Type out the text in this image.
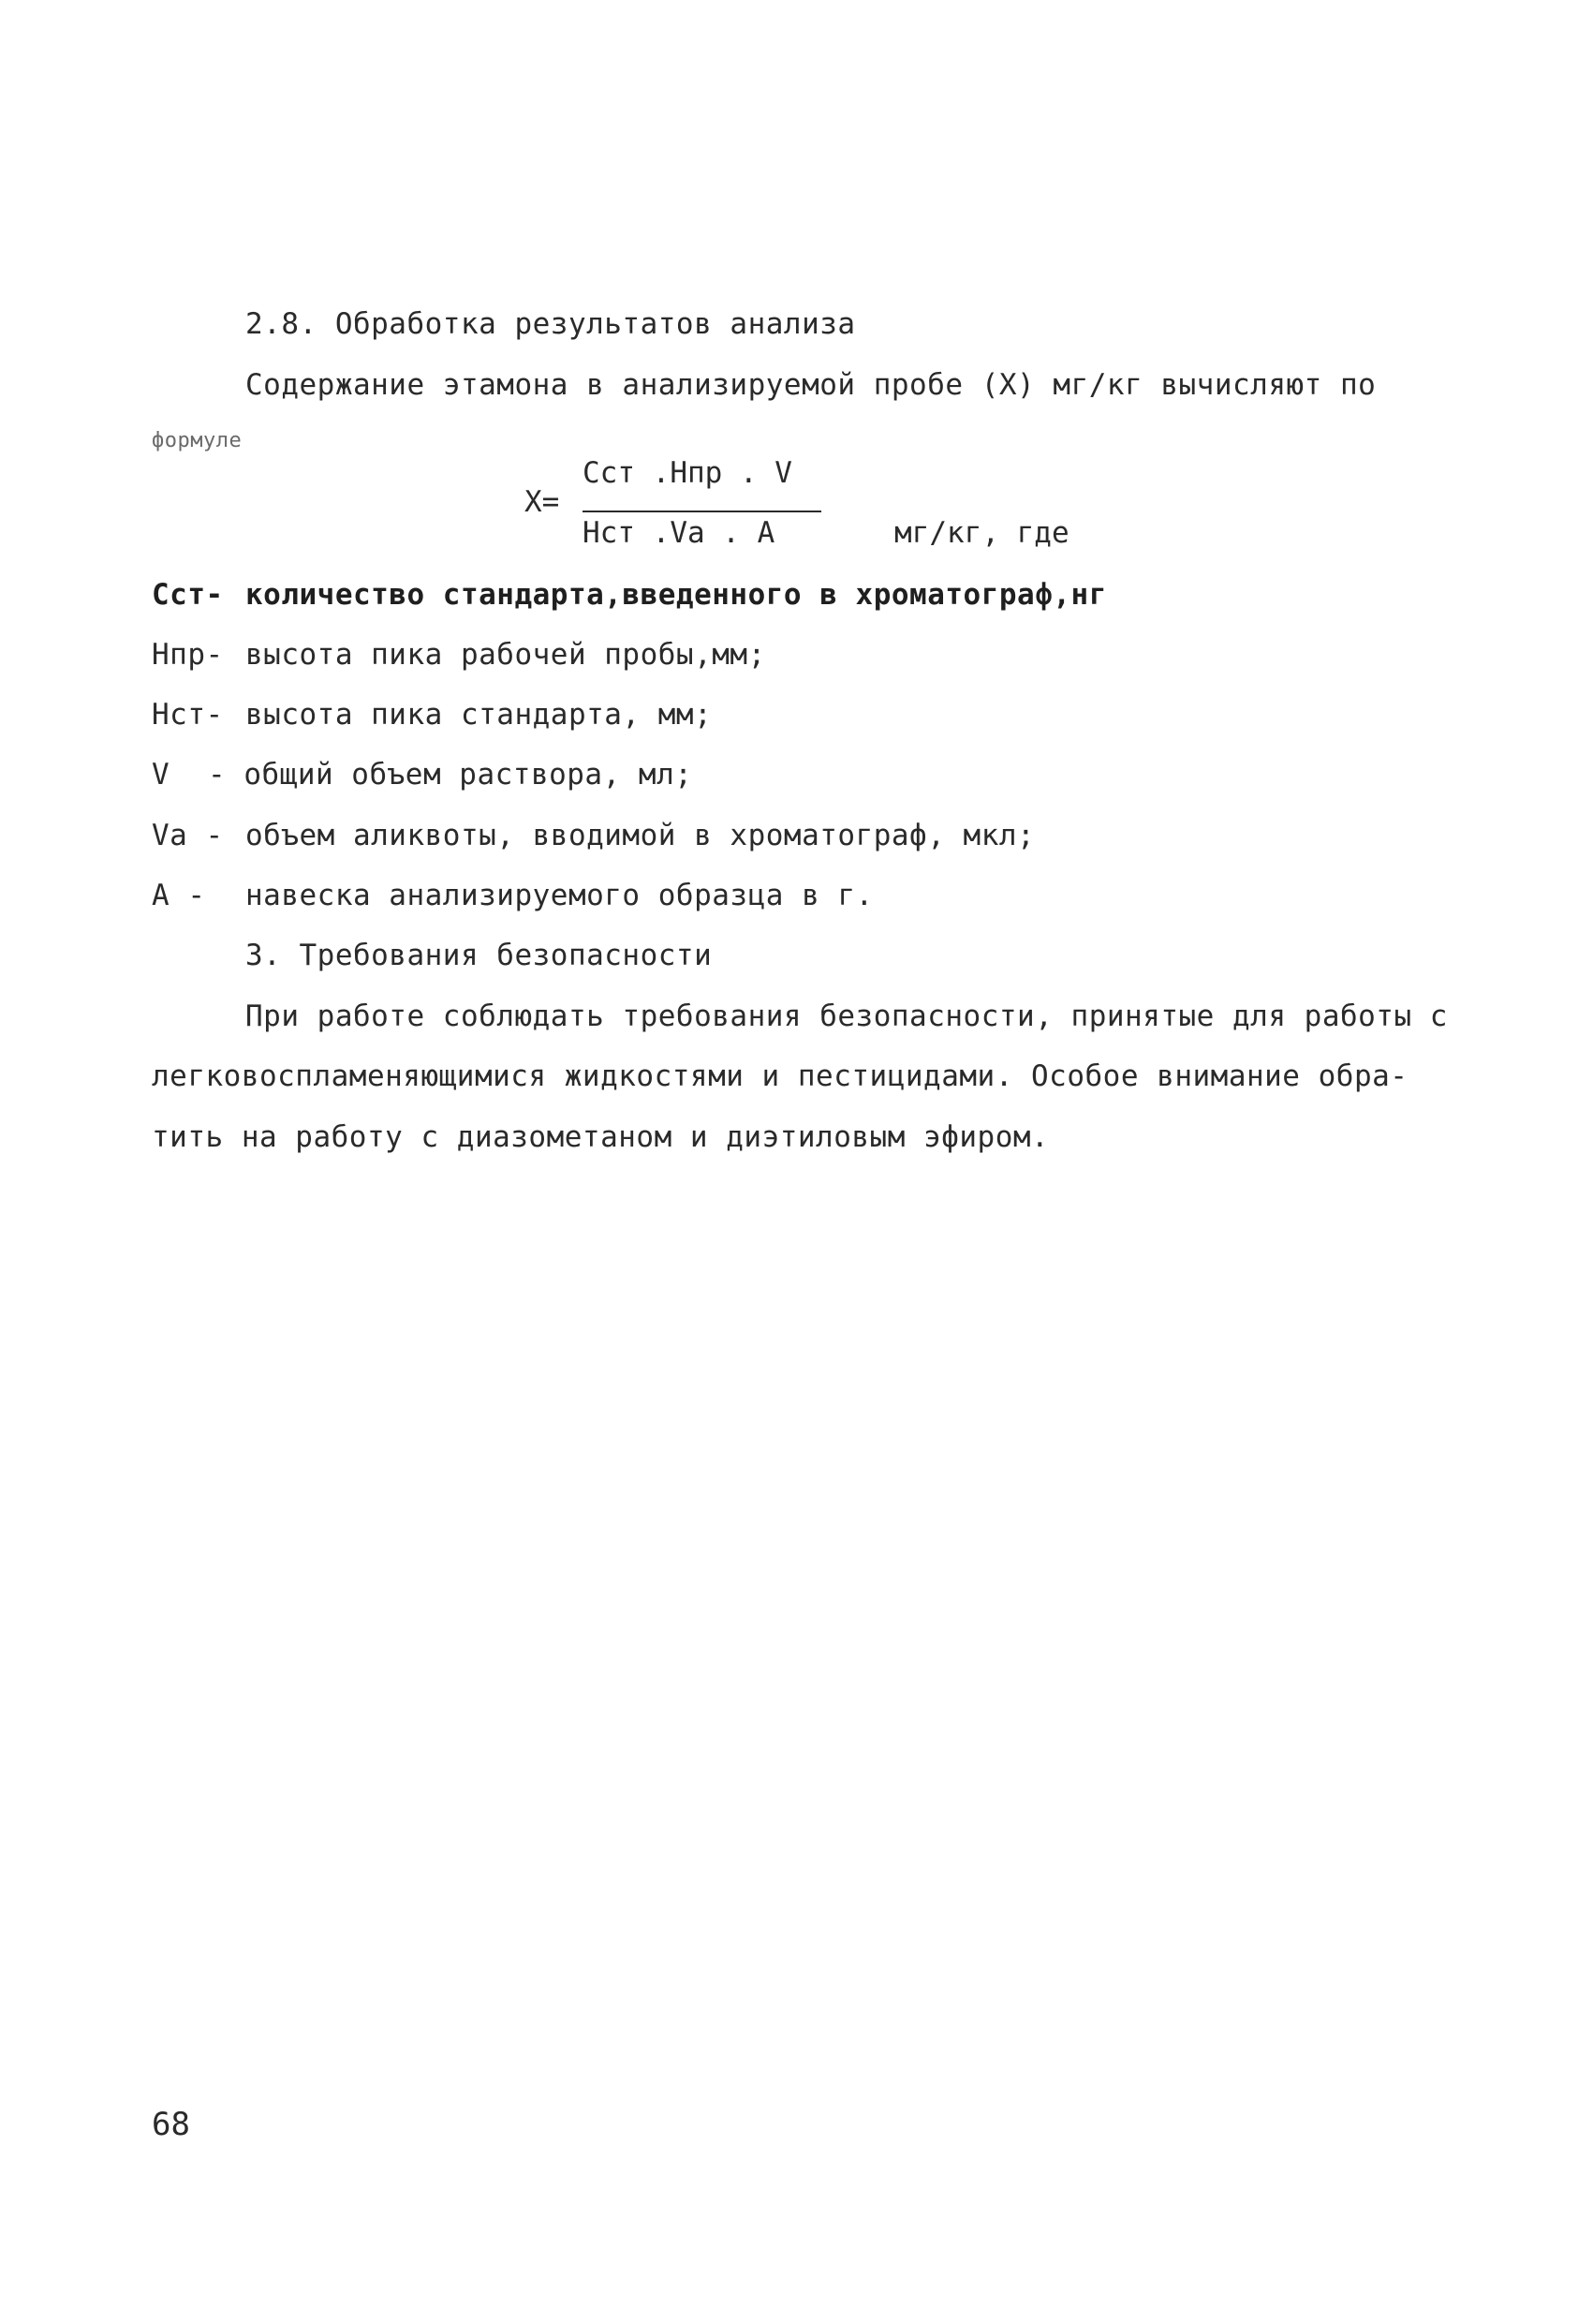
2.8. Обработка результатов анализа
Содержание этамона в анализируемой пробе (X) мг/кг вычисляют по
формуле
X=
Сст .Нпр . V
Нст .Va . A	мг/кг, где
Сст- количество стандарта,введенного в хроматограф,нг
Нпр- высота пика рабочей пробы,мм;
Нст- высота пика стандарта, мм;
V - общий объем раствора, мл;
Va - объем аликвоты, вводимой в хроматограф, мкл;
A - навеска анализируемого образца в г.
3. Требования безопасности
При работе соблюдать требования безопасности, принятые для работы с
легковоспламеняющимися жидкостями и пестицидами. Особое внимание обра-
тить на работу с диазометаном и диэтиловым эфиром.
68
